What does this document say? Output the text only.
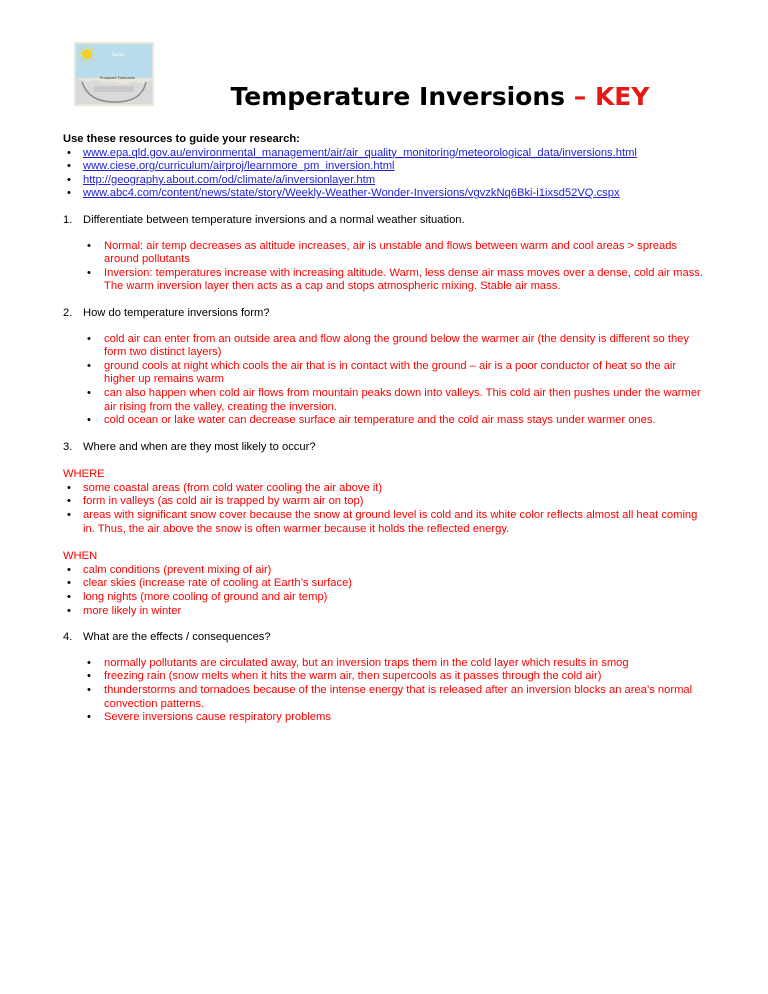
Sprds
Proposed Forecasts
Temperature Inversions – KEY

Use these resources to guide your research:

• www.epa.qld.gov.au/environmental_management/air/air_quality_monitoring/meteorological_data/inversions.html
• www.ciese.org/curriculum/airproj/learnmore_pm_inversion.html
• http://geography.about.com/od/climate/a/inversionlayer.htm
• www.abc4.com/content/news/state/story/Weekly-Weather-Wonder-Inversions/vgvzkNq6Bki-i1ixsd52VQ.cspx
1. Differentiate between temperature inversions and a normal weather situation.
• Normal: air temp decreases as altitude increases, air is unstable and flows between warm and cool areas > spreads around pollutants
• Inversion: temperatures increase with increasing altitude. Warm, less dense air mass moves over a dense, cold air mass. The warm inversion layer then acts as a cap and stops atmospheric mixing. Stable air mass.
2. How do temperature inversions form?
• cold air can enter from an outside area and flow along the ground below the warmer air (the density is different so they form two distinct layers)
• ground cools at night which cools the air that is in contact with the ground – air is a poor conductor of heat so the air higher up remains warm
• can also happen when cold air flows from mountain peaks down into valleys. This cold air then pushes under the warmer air rising from the valley, creating the inversion.
• cold ocean or lake water can decrease surface air temperature and the cold air mass stays under warmer ones.
3. Where and when are they most likely to occur?
WHERE
• some coastal areas (from cold water cooling the air above it)
• form in valleys (as cold air is trapped by warm air on top)
• areas with significant snow cover because the snow at ground level is cold and its white color reflects almost all heat coming in. Thus, the air above the snow is often warmer because it holds the reflected energy.
WHEN
• calm conditions (prevent mixing of air)
• clear skies (increase rate of cooling at Earth’s surface)
• long nights (more cooling of ground and air temp)
• more likely in winter
4. What are the effects / consequences?
• normally pollutants are circulated away, but an inversion traps them in the cold layer which results in smog
• freezing rain (snow melts when it hits the warm air, then supercools as it passes through the cold air)
• thunderstorms and tornadoes because of the intense energy that is released after an inversion blocks an area’s normal convection patterns.
• Severe inversions cause respiratory problems
